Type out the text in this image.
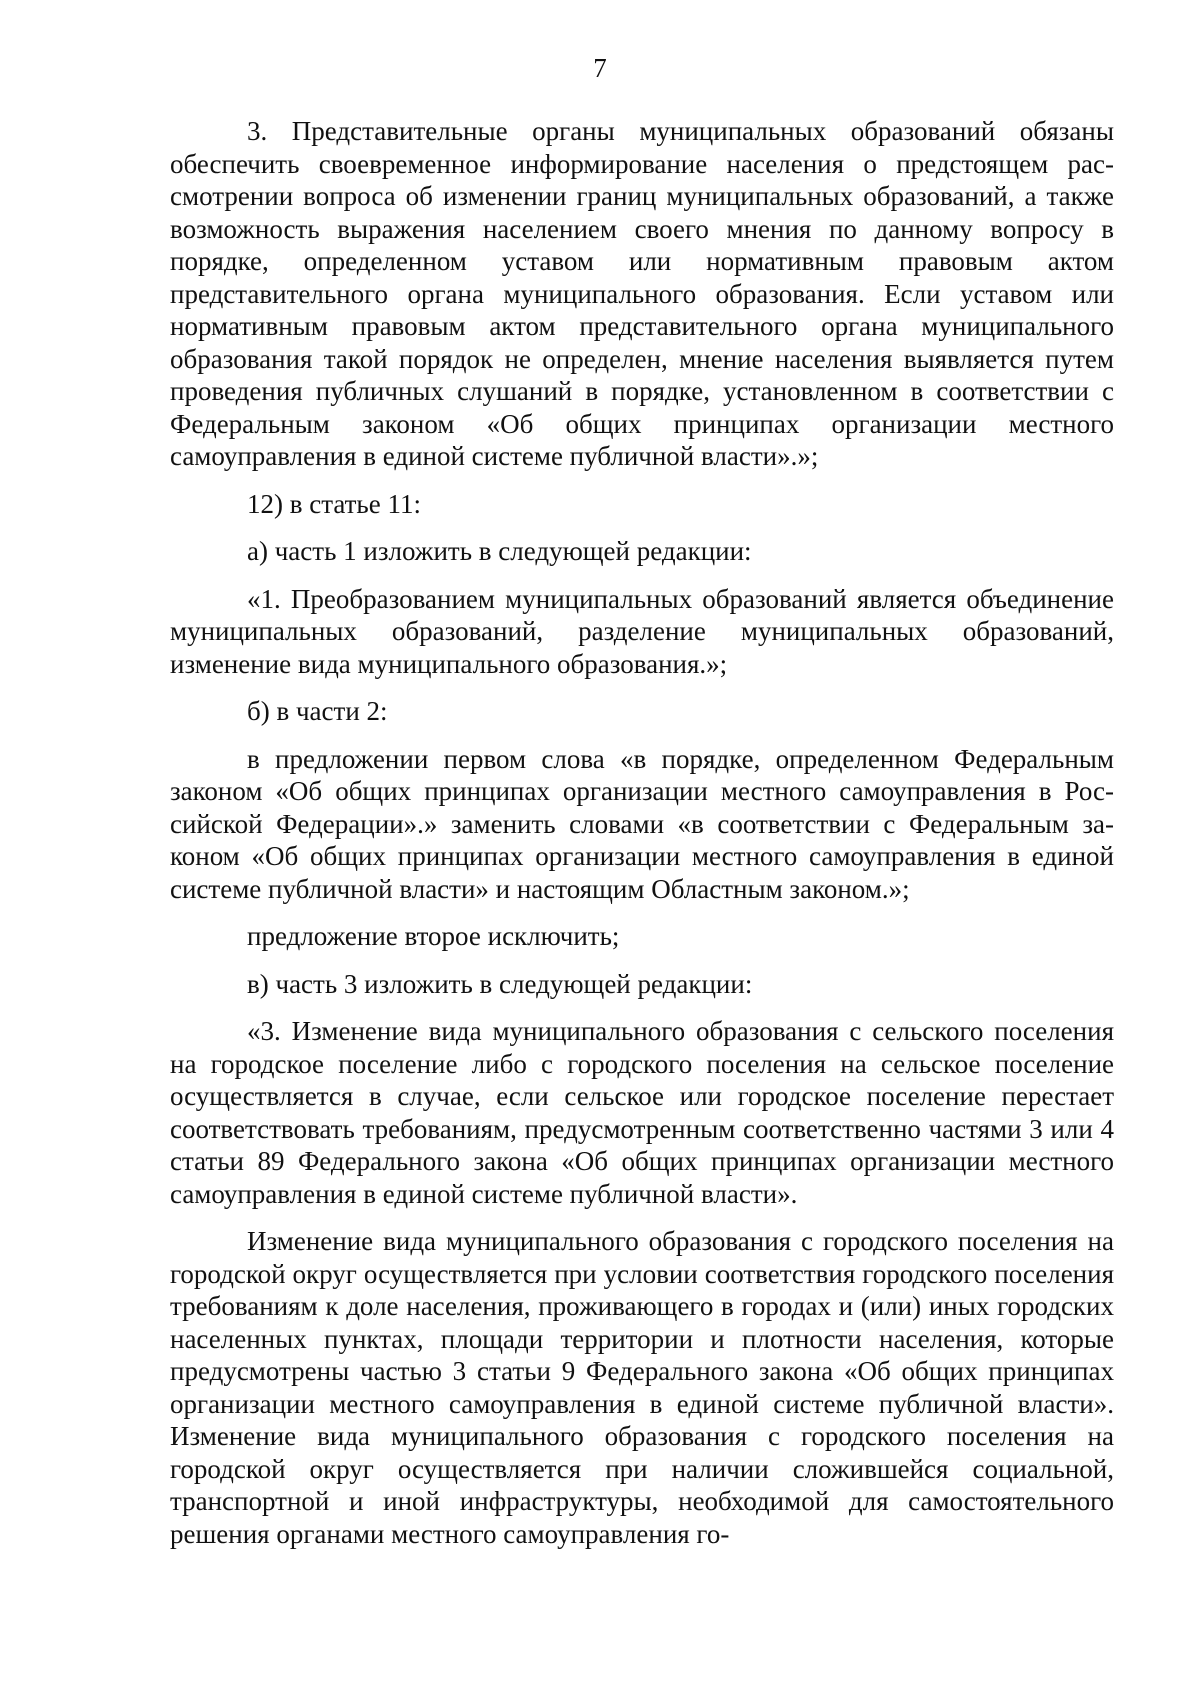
7

3. Представительные органы муниципальных образований обязаны обеспечить своевременное информирование населения о предстоящем рассмотрении вопроса об изменении границ муниципальных образований, а также возможность выражения населением своего мнения по данному вопросу в порядке, определенном уставом или нормативным правовым актом представительного органа муниципального образования. Если уставом или нормативным правовым актом представительного органа муниципального образования такой порядок не определен, мнение населения выявляется путем проведения публичных слушаний в порядке, установленном в соответствии с Федеральным законом «Об общих принципах организации местного самоуправления в единой системе публичной власти».»;

12) в статье 11:

а) часть 1 изложить в следующей редакции:

«1. Преобразованием муниципальных образований является объединение муниципальных образований, разделение муниципальных образований, изменение вида муниципального образования.»;

б) в части 2:

в предложении первом слова «в порядке, определенном Федеральным законом «Об общих принципах организации местного самоуправления в Российской Федерации».» заменить словами «в соответствии с Федеральным законом «Об общих принципах организации местного самоуправления в единой системе публичной власти» и настоящим Областным законом.»;

предложение второе исключить;

в) часть 3 изложить в следующей редакции:

«3. Изменение вида муниципального образования с сельского поселения на городское поселение либо с городского поселения на сельское поселение осуществляется в случае, если сельское или городское поселение перестает соответствовать требованиям, предусмотренным соответственно частями 3 или 4 статьи 89 Федерального закона «Об общих принципах организации местного самоуправления в единой системе публичной власти».

Изменение вида муниципального образования с городского поселения на городской округ осуществляется при условии соответствия городского поселения требованиям к доле населения, проживающего в городах и (или) иных городских населенных пунктах, площади территории и плотности населения, которые предусмотрены частью 3 статьи 9 Федерального закона «Об общих принципах организации местного самоуправления в единой системе публичной власти». Изменение вида муниципального образования с городского поселения на городской округ осуществляется при наличии сложившейся социальной, транспортной и иной инфраструктуры, необходимой для самостоятельного решения органами местного самоуправления го-
